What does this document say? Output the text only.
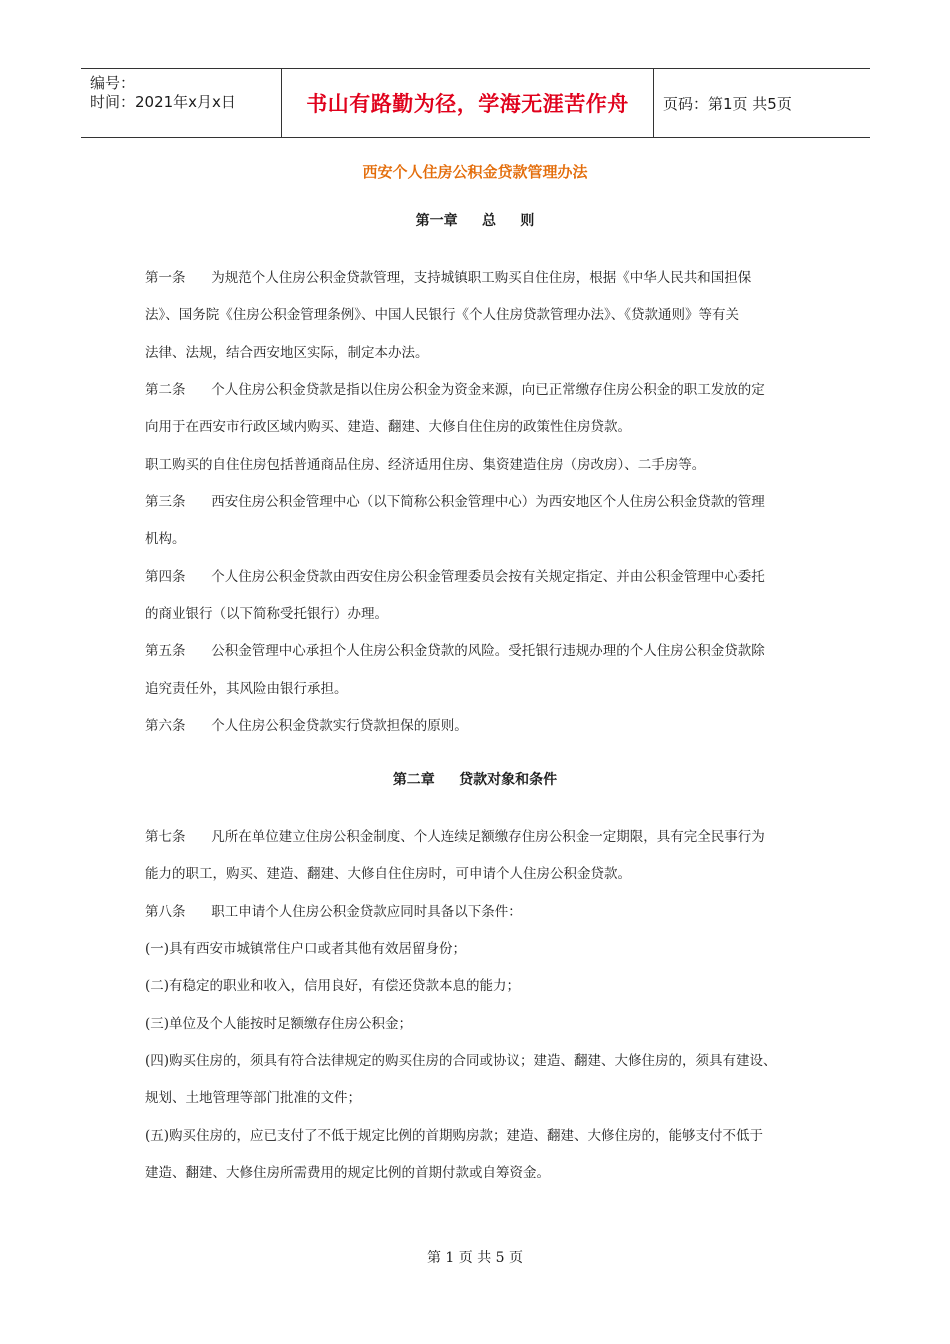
编号：
时间：2021年x月x日	书山有路勤为径，学海无涯苦作舟 页码：第1页 共5页
西安个人住房公积金贷款管理办法
第一章     总     则
第一条      为规范个人住房公积金贷款管理，支持城镇职工购买自住住房，根据《中华人民共和国担保
法》、国务院《住房公积金管理条例》、中国人民银行《个人住房贷款管理办法》、《贷款通则》等有关
法律、法规，结合西安地区实际，制定本办法。
第二条      个人住房公积金贷款是指以住房公积金为资金来源，向已正常缴存住房公积金的职工发放的定
向用于在西安市行政区域内购买、建造、翻建、大修自住住房的政策性住房贷款。
职工购买的自住住房包括普通商品住房、经济适用住房、集资建造住房（房改房）、二手房等。
第三条      西安住房公积金管理中心（以下简称公积金管理中心）为西安地区个人住房公积金贷款的管理
机构。
第四条      个人住房公积金贷款由西安住房公积金管理委员会按有关规定指定、并由公积金管理中心委托
的商业银行（以下简称受托银行）办理。
第五条      公积金管理中心承担个人住房公积金贷款的风险。受托银行违规办理的个人住房公积金贷款除
追究责任外，其风险由银行承担。
第六条      个人住房公积金贷款实行贷款担保的原则。
第二章     贷款对象和条件
第七条      凡所在单位建立住房公积金制度、个人连续足额缴存住房公积金一定期限，具有完全民事行为
能力的职工，购买、建造、翻建、大修自住住房时，可申请个人住房公积金贷款。
第八条      职工申请个人住房公积金贷款应同时具备以下条件：
(一)具有西安市城镇常住户口或者其他有效居留身份；
(二)有稳定的职业和收入，信用良好，有偿还贷款本息的能力；
(三)单位及个人能按时足额缴存住房公积金；
(四)购买住房的，须具有符合法律规定的购买住房的合同或协议；建造、翻建、大修住房的，须具有建设、
规划、土地管理等部门批准的文件；
(五)购买住房的，应已支付了不低于规定比例的首期购房款；建造、翻建、大修住房的，能够支付不低于
建造、翻建、大修住房所需费用的规定比例的首期付款或自筹资金。
第 1 页 共 5 页
